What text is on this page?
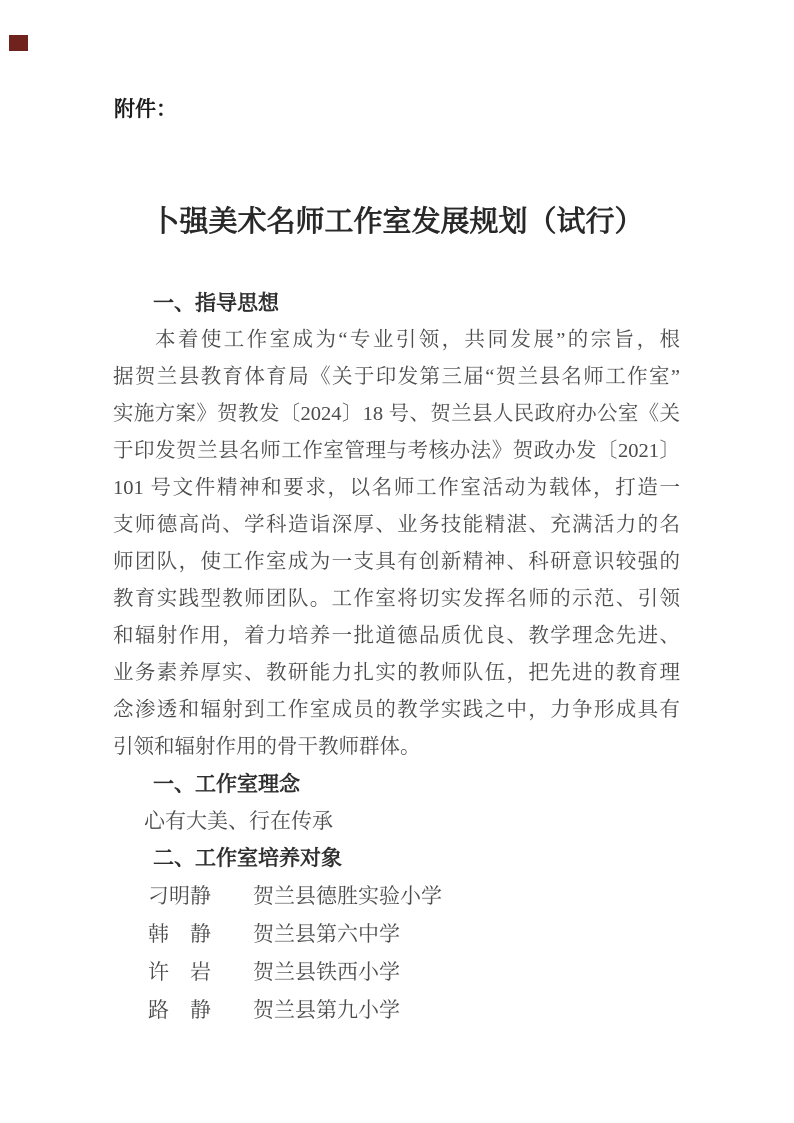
附件：
卜强美术名师工作室发展规划（试行）
一、指导思想
本着使工作室成为“专业引领，共同发展”的宗旨，根
据贺兰县教育体育局《关于印发第三届“贺兰县名师工作室”
实施方案》贺教发〔2024〕18 号、贺兰县人民政府办公室《关
于印发贺兰县名师工作室管理与考核办法》贺政办发〔2021〕
101 号文件精神和要求，以名师工作室活动为载体，打造一
支师德高尚、学科造诣深厚、业务技能精湛、充满活力的名
师团队，使工作室成为一支具有创新精神、科研意识较强的
教育实践型教师团队。工作室将切实发挥名师的示范、引领
和辐射作用，着力培养一批道德品质优良、教学理念先进、
业务素养厚实、教研能力扎实的教师队伍，把先进的教育理
念渗透和辐射到工作室成员的教学实践之中，力争形成具有
引领和辐射作用的骨干教师群体。
一、工作室理念
心有大美、行在传承
二、工作室培养对象
刁明静	贺兰县德胜实验小学
韩　静	贺兰县第六中学
许　岩	贺兰县铁西小学
路　静	贺兰县第九小学
